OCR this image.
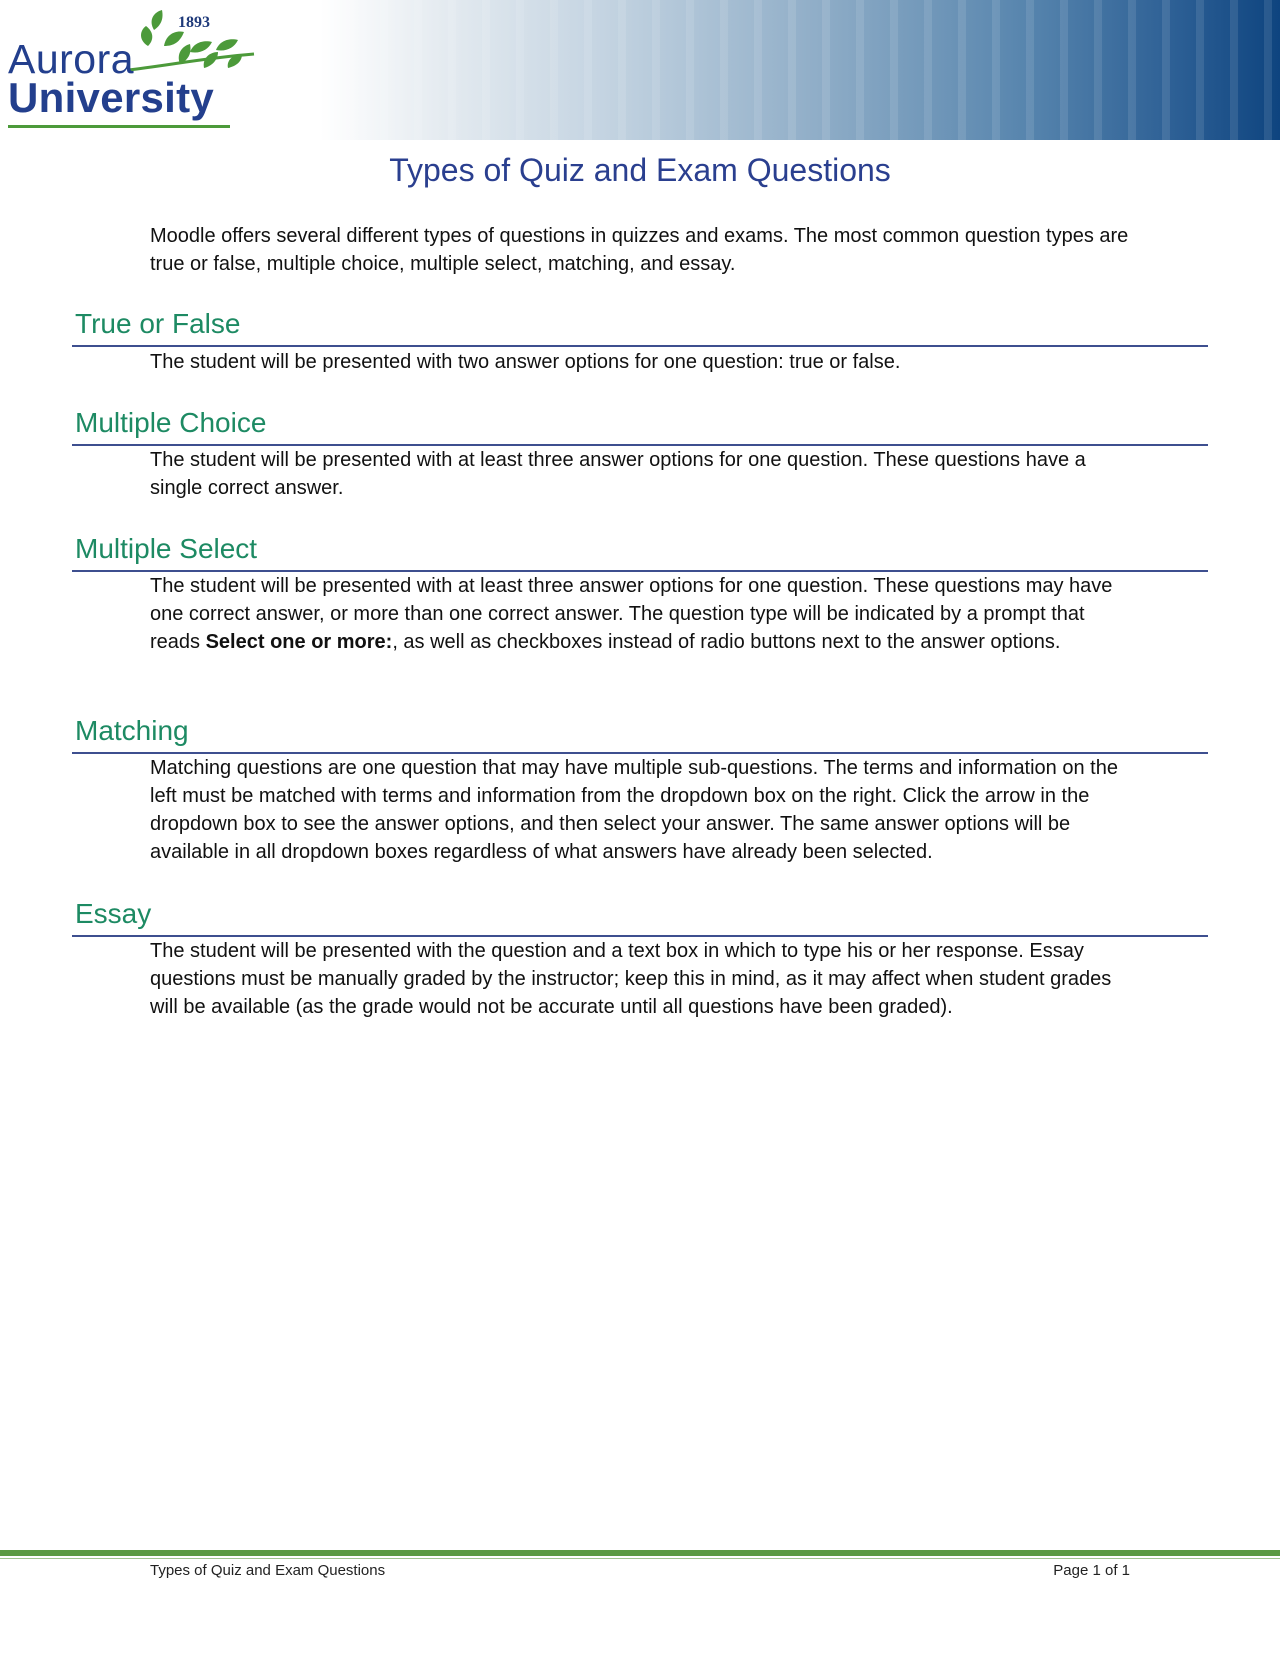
1893
Aurora
University
Types of Quiz and Exam Questions
Moodle offers several different types of questions in quizzes and exams. The most common question types are true or false, multiple choice, multiple select, matching, and essay.
True or False
The student will be presented with two answer options for one question: true or false.
Multiple Choice
The student will be presented with at least three answer options for one question. These questions have a single correct answer.
Multiple Select
The student will be presented with at least three answer options for one question. These questions may have one correct answer, or more than one correct answer. The question type will be indicated by a prompt that reads Select one or more:, as well as checkboxes instead of radio buttons next to the answer options.
Matching
Matching questions are one question that may have multiple sub-questions. The terms and information on the left must be matched with terms and information from the dropdown box on the right. Click the arrow in the dropdown box to see the answer options, and then select your answer. The same answer options will be available in all dropdown boxes regardless of what answers have already been selected.
Essay
The student will be presented with the question and a text box in which to type his or her response. Essay questions must be manually graded by the instructor; keep this in mind, as it may affect when student grades will be available (as the grade would not be accurate until all questions have been graded).
Types of Quiz and Exam Questions	Page 1 of 1
